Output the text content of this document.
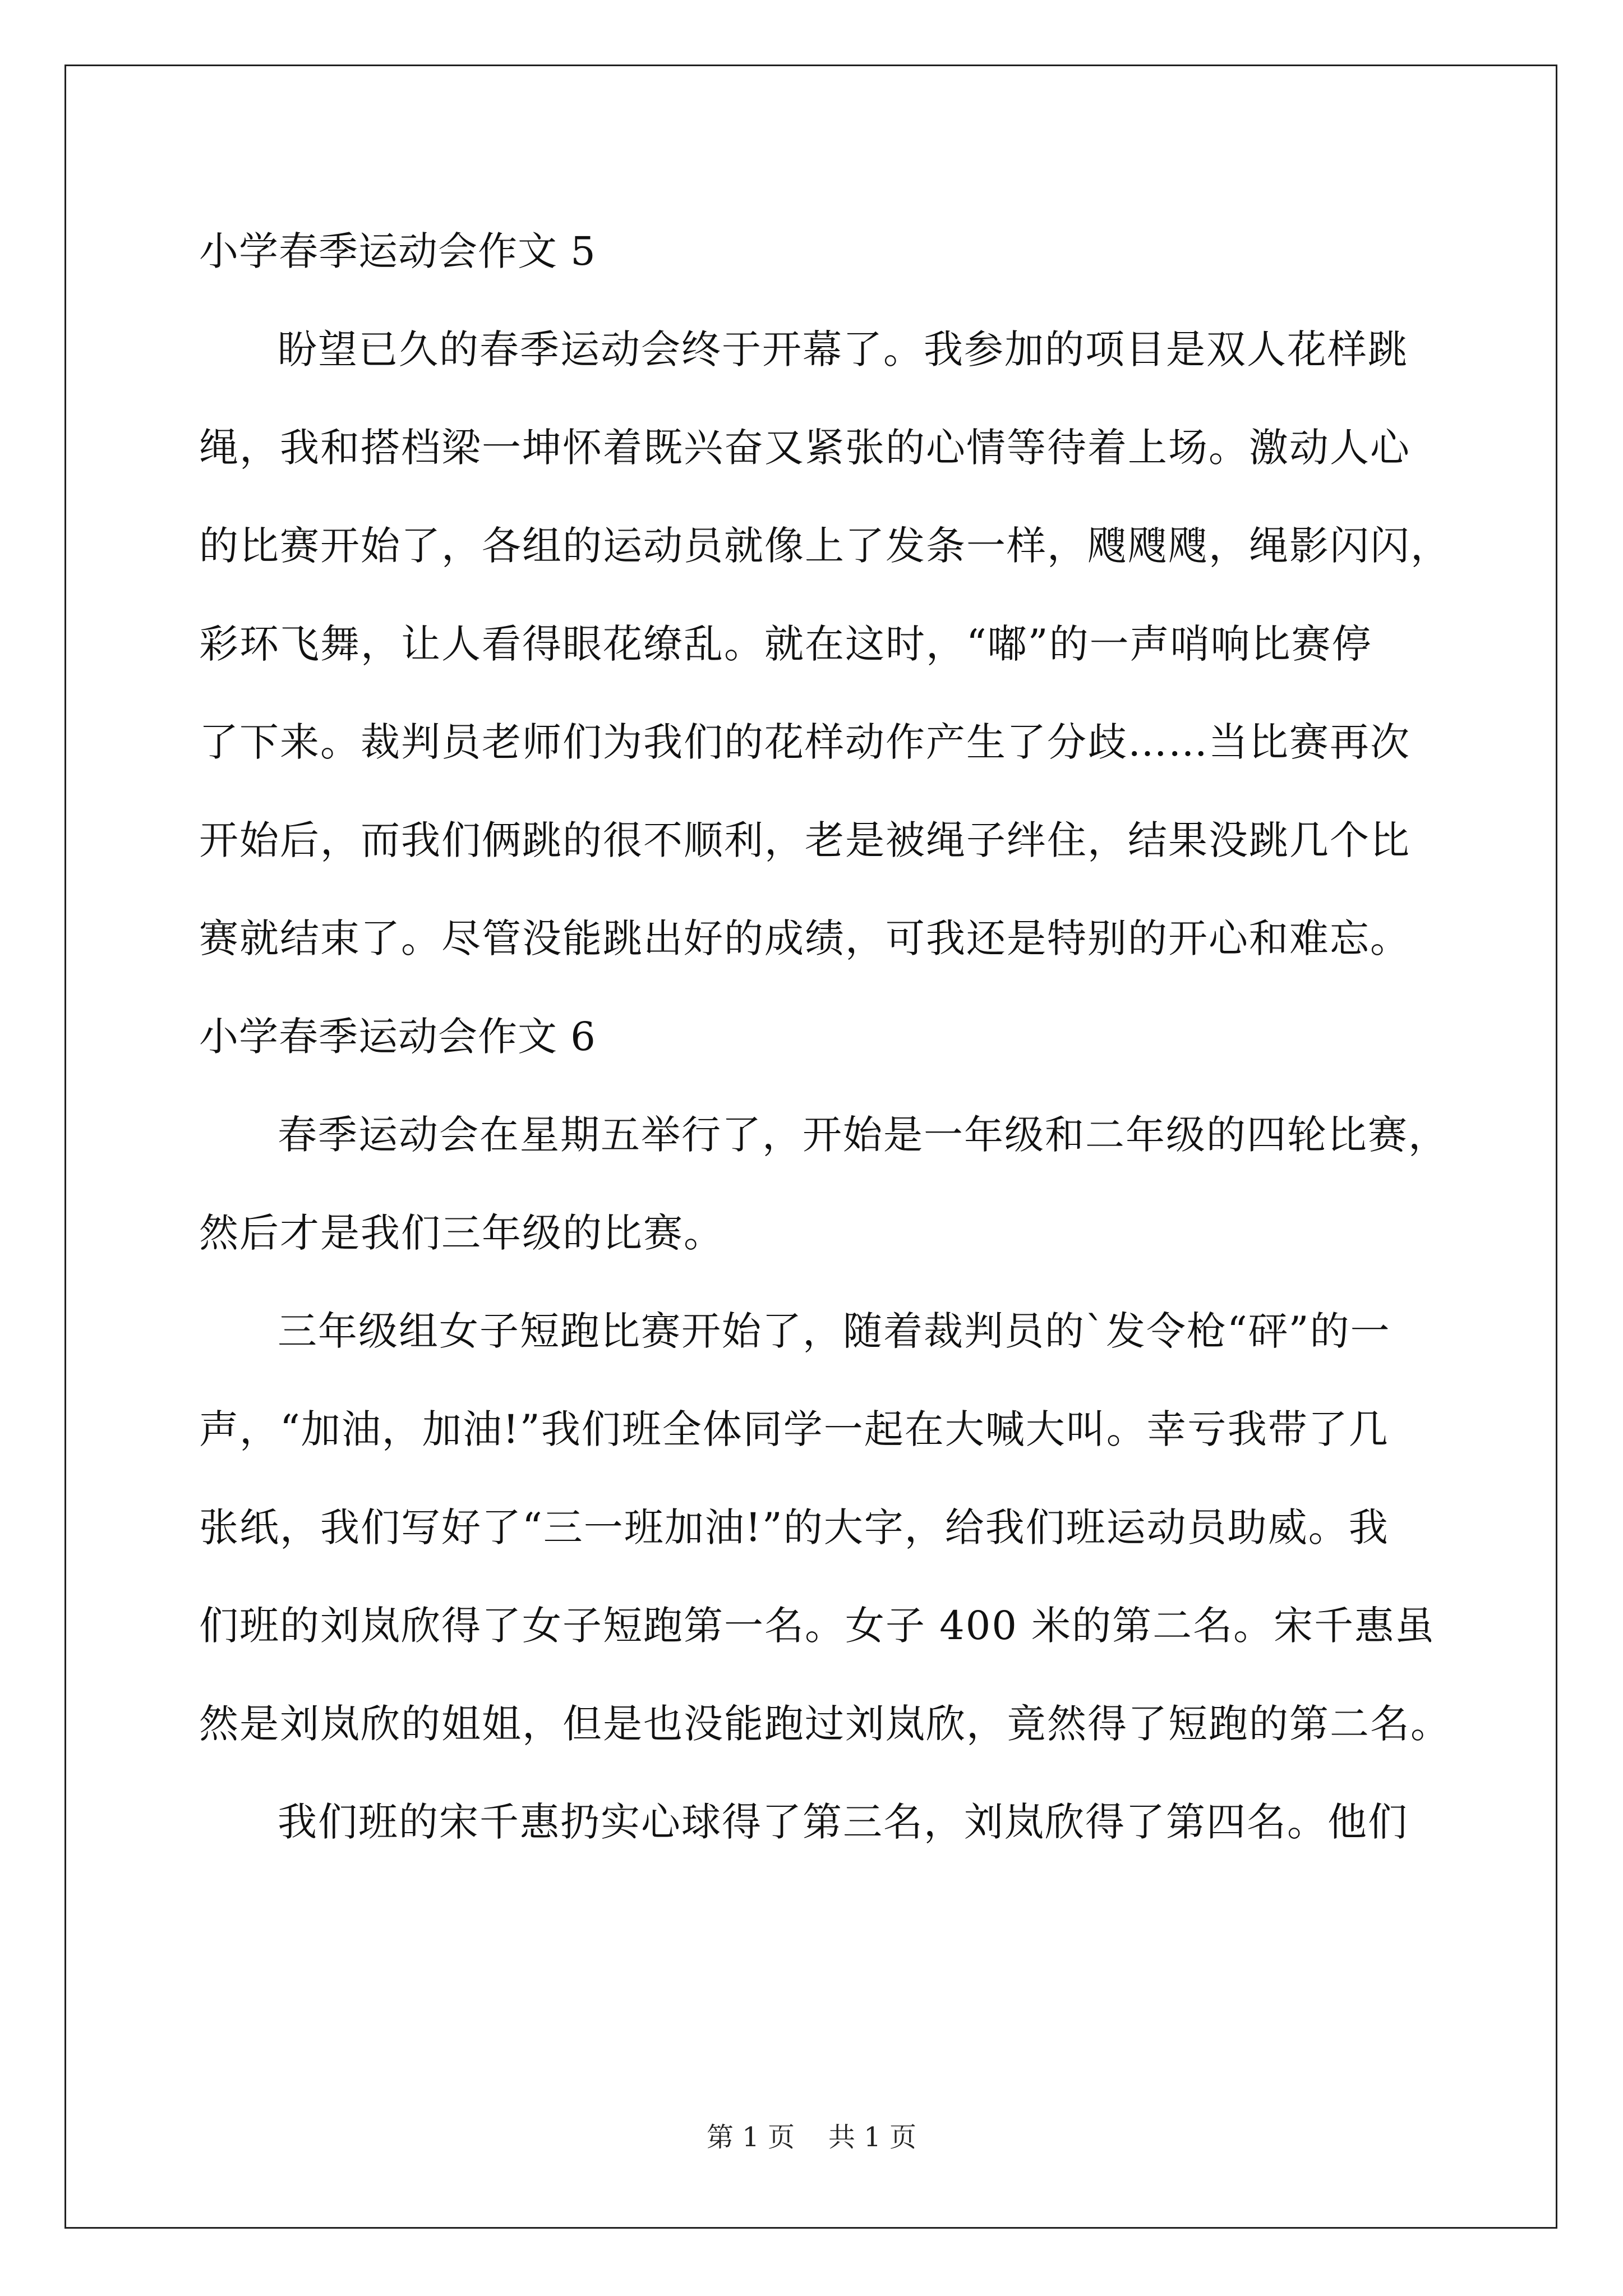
小学春季运动会作文 5
盼望已久的春季运动会终于开幕了。我参加的项目是双人花样跳
绳，我和搭档梁一坤怀着既兴奋又紧张的心情等待着上场。激动人心
的比赛开始了，各组的运动员就像上了发条一样，飕飕飕，绳影闪闪，
彩环飞舞，让人看得眼花缭乱。就在这时，“嘟”的一声哨响比赛停
了下来。裁判员老师们为我们的花样动作产生了分歧……当比赛再次
开始后，而我们俩跳的很不顺利，老是被绳子绊住，结果没跳几个比
赛就结束了。尽管没能跳出好的成绩，可我还是特别的开心和难忘。
小学春季运动会作文 6
春季运动会在星期五举行了，开始是一年级和二年级的四轮比赛，
然后才是我们三年级的比赛。
三年级组女子短跑比赛开始了，随着裁判员的`发令枪“砰”的一
声，“加油，加油!”我们班全体同学一起在大喊大叫。幸亏我带了几
张纸，我们写好了“三一班加油!”的大字，给我们班运动员助威。我
们班的刘岚欣得了女子短跑第一名。女子 400 米的第二名。宋千惠虽
然是刘岚欣的姐姐，但是也没能跑过刘岚欣，竟然得了短跑的第二名。
我们班的宋千惠扔实心球得了第三名，刘岚欣得了第四名。他们
第 1 页 共 1 页
